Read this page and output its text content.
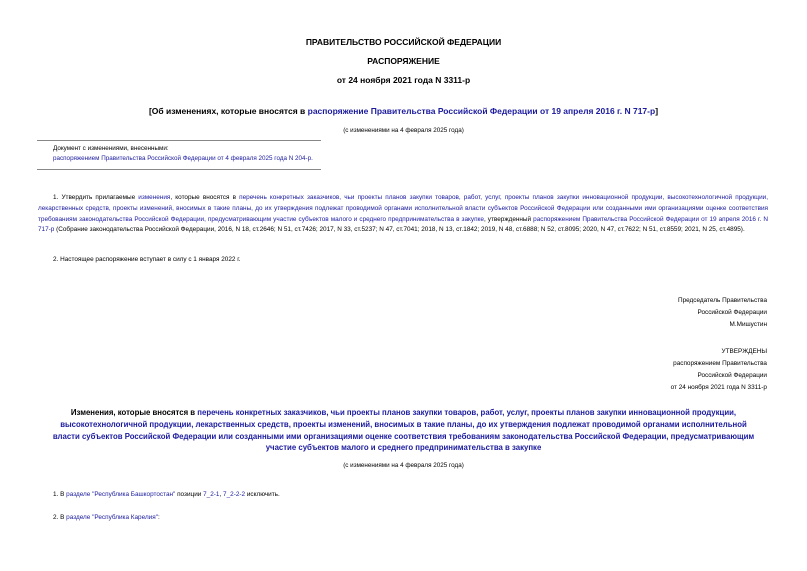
ПРАВИТЕЛЬСТВО РОССИЙСКОЙ ФЕДЕРАЦИИ
РАСПОРЯЖЕНИЕ
от 24 ноября 2021 года N 3311-р
[Об изменениях, которые вносятся в распоряжение Правительства Российской Федерации от 19 апреля 2016 г. N 717-р]
(с изменениями на 4 февраля 2025 года)
Документ с изменениями, внесенными:
распоряжением Правительства Российской Федерации от 4 февраля 2025 года N 204-р.
1. Утвердить прилагаемые изменения, которые вносятся в перечень конкретных заказчиков, чьи проекты планов закупки товаров, работ, услуг, проекты планов закупки инновационной продукции, высокотехнологичной продукции, лекарственных средств, проекты изменений, вносимых в такие планы, до их утверждения подлежат проводимой органами исполнительной власти субъектов Российской Федерации или созданными ими организациями оценке соответствия требованиям законодательства Российской Федерации, предусматривающим участие субъектов малого и среднего предпринимательства в закупке, утвержденный распоряжением Правительства Российской Федерации от 19 апреля 2016 г. N 717-р (Собрание законодательства Российской Федерации, 2016, N 18, ст.2646; N 51, ст.7426; 2017, N 33, ст.5237; N 47, ст.7041; 2018, N 13, ст.1842; 2019, N 48, ст.6888; N 52, ст.8095; 2020, N 47, ст.7622; N 51, ст.8559; 2021, N 25, ст.4895).
2. Настоящее распоряжение вступает в силу с 1 января 2022 г.

Председатель Правительства

Российской Федерации

М.Мишустин

УТВЕРЖДЕНЫ

распоряжением Правительства

Российской Федерации

от 24 ноября 2021 года N 3311-р

Изменения, которые вносятся в перечень конкретных заказчиков, чьи проекты планов закупки товаров, работ, услуг, проекты планов закупки инновационной продукции, высокотехнологичной продукции, лекарственных средств, проекты изменений, вносимых в такие планы, до их утверждения подлежат проводимой органами исполнительной власти субъектов Российской Федерации или созданными ими организациями оценке соответствия требованиям законодательства Российской Федерации, предусматривающим участие субъектов малого и среднего предпринимательства в закупке
(с изменениями на 4 февраля 2025 года)
1. В разделе "Республика Башкортостан" позиции 7_2-1, 7_2-2-2 исключить.
2. В разделе "Республика Карелия":
